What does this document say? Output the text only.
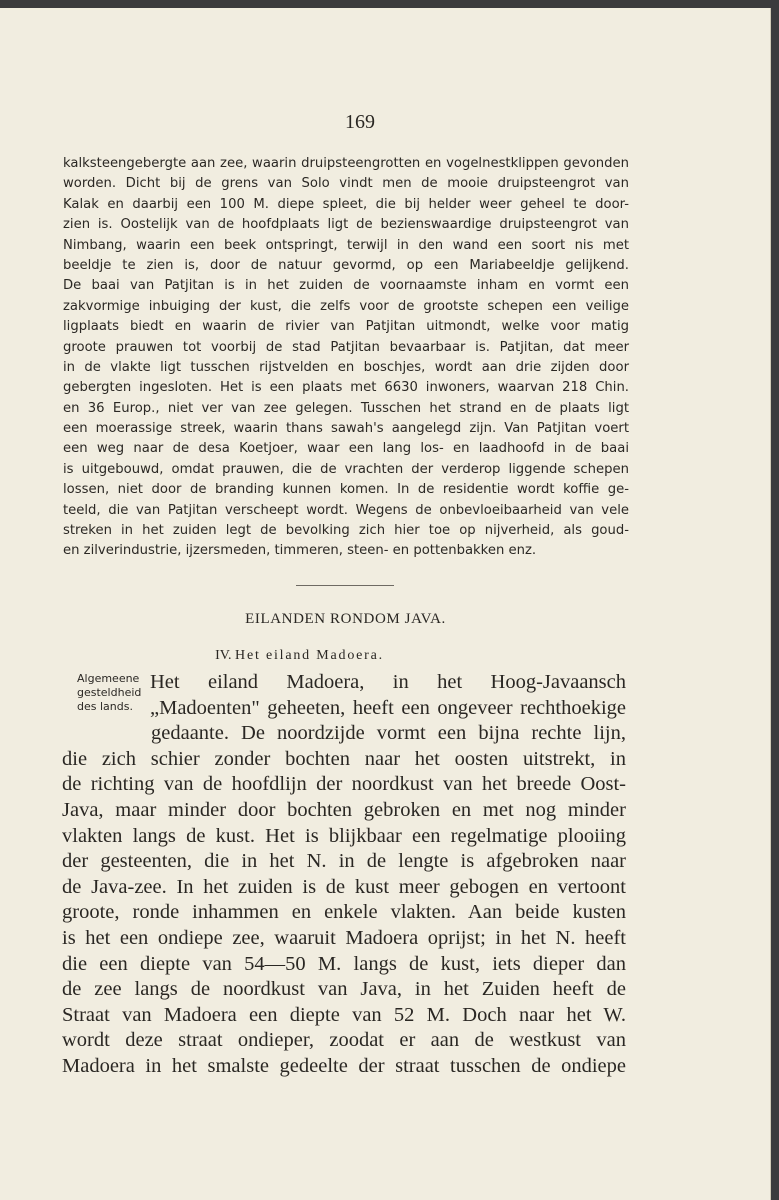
169
kalksteengebergte aan zee, waarin druipsteengrotten en vogelnestklippen gevonden
worden. Dicht bij de grens van Solo vindt men de mooie druipsteengrot van
Kalak en daarbij een 100 M. diepe spleet, die bij helder weer geheel te door-
zien is. Oostelijk van de hoofdplaats ligt de bezienswaardige druipsteengrot van
Nimbang, waarin een beek ontspringt, terwijl in den wand een soort nis met
beeldje te zien is, door de natuur gevormd, op een Mariabeeldje gelijkend.
De baai van Patjitan is in het zuiden de voornaamste inham en vormt een
zakvormige inbuiging der kust, die zelfs voor de grootste schepen een veilige
ligplaats biedt en waarin de rivier van Patjitan uitmondt, welke voor matig
groote prauwen tot voorbij de stad Patjitan bevaarbaar is. Patjitan, dat meer
in de vlakte ligt tusschen rijstvelden en boschjes, wordt aan drie zijden door
gebergten ingesloten. Het is een plaats met 6630 inwoners, waarvan 218 Chin.
en 36 Europ., niet ver van zee gelegen. Tusschen het strand en de plaats ligt
een moerassige streek, waarin thans sawah's aangelegd zijn. Van Patjitan voert
een weg naar de desa Koetjoer, waar een lang los- en laadhoofd in de baai
is uitgebouwd, omdat prauwen, die de vrachten der verderop liggende schepen
lossen, niet door de branding kunnen komen. In de residentie wordt koffie ge-
teeld, die van Patjitan verscheept wordt. Wegens de onbevloeibaarheid van vele
streken in het zuiden legt de bevolking zich hier toe op nijverheid, als goud-
en zilverindustrie, ijzersmeden, timmeren, steen- en pottenbakken enz.
EILANDEN RONDOM JAVA.
IV. Het eiland Madoera.
Algemeene
gesteldheid
des lands.
Het eiland Madoera, in het Hoog-Javaansch
„Madoenten" geheeten, heeft een ongeveer rechthoekige
gedaante. De noordzijde vormt een bijna rechte lijn,
die zich schier zonder bochten naar het oosten uitstrekt, in
de richting van de hoofdlijn der noordkust van het breede Oost-
Java, maar minder door bochten gebroken en met nog minder
vlakten langs de kust. Het is blijkbaar een regelmatige plooiing
der gesteenten, die in het N. in de lengte is afgebroken naar
de Java-zee. In het zuiden is de kust meer gebogen en vertoont
groote, ronde inhammen en enkele vlakten. Aan beide kusten
is het een ondiepe zee, waaruit Madoera oprijst; in het N. heeft
die een diepte van 54—50 M. langs de kust, iets dieper dan
de zee langs de noordkust van Java, in het Zuiden heeft de
Straat van Madoera een diepte van 52 M. Doch naar het W.
wordt deze straat ondieper, zoodat er aan de westkust van
Madoera in het smalste gedeelte der straat tusschen de ondiepe
